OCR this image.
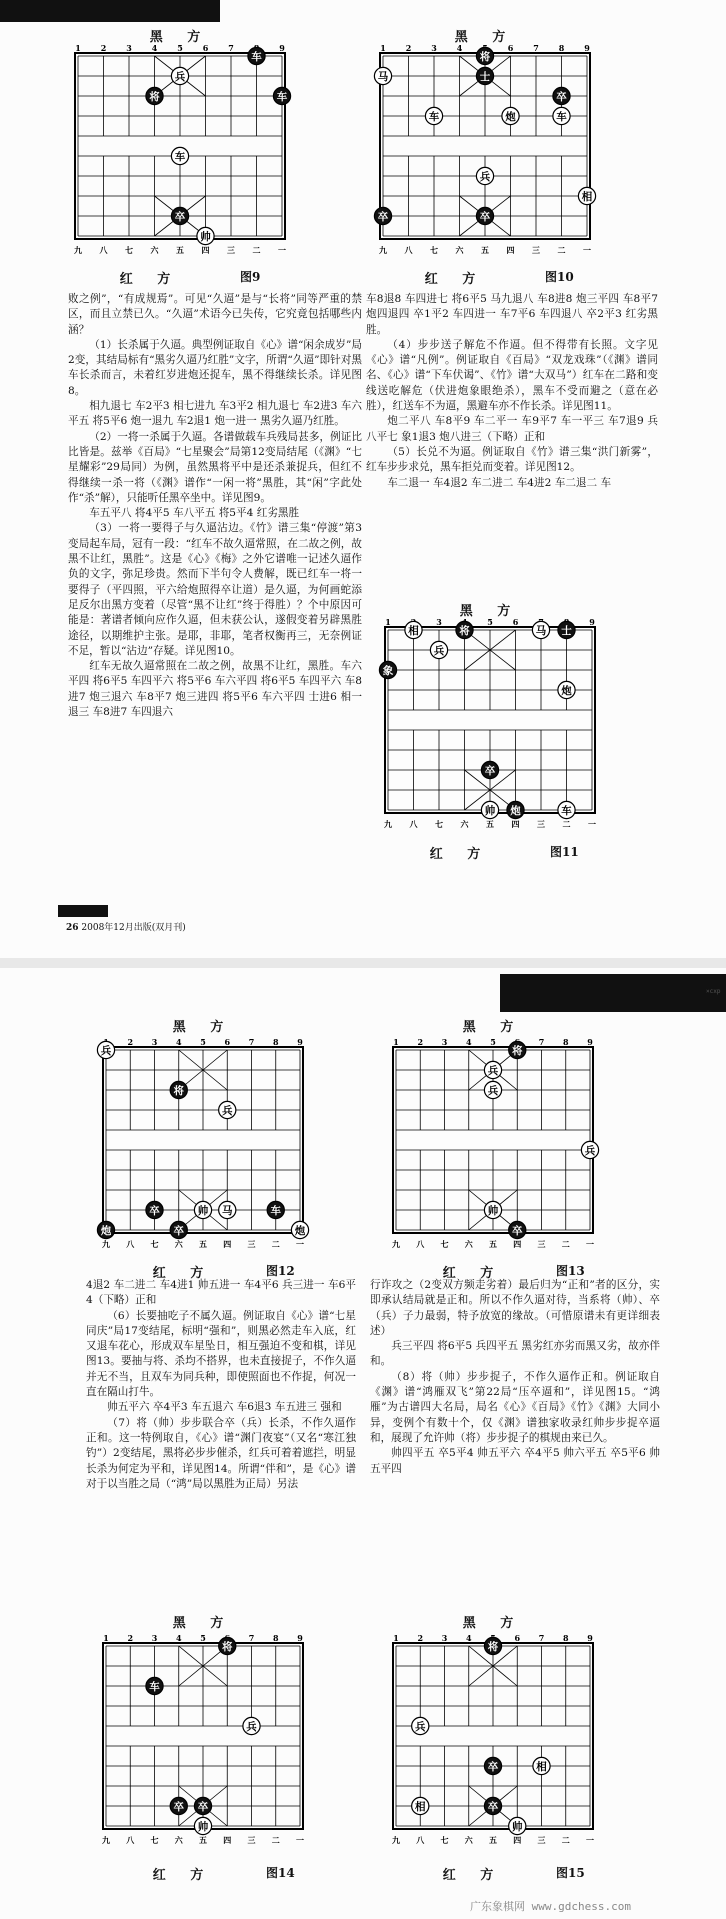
黑 方
1 2 3 4 5 6 7	9
九 八 七 六 五 四 三 二 一
车
兵
将	车
车
卒
帅
红 方	图9
黑 方
1 2 3 4	6 7 8 9
九 八 七 六 五 四 三 二 一
将
马	士
卒
车	炮	车
兵
相
卒	卒
红 方	图10

败之例”，“有成规焉”。可见“久逼”是与“长将”同等严重的禁区，而且立禁已久。“久逼”术语今已失传，它究竟包括哪些内涵？

（1）长杀属于久逼。典型例证取自《心》谱“闲余成岁”局2变，其结局标有“黑劣久逼乃红胜”文字，所谓“久逼”即针对黑车长杀而言，未着红岁进炮还捉车，黑不得继续长杀。详见图8。

相九退七 车2平3 相七进九 车3平2 相九退七 车2进3 车六平五 将5平6 炮一退九 车2退1 炮一进一 黑劣久逼乃红胜。

（2）一将一杀属于久逼。各谱做载车兵残局甚多，例证比比皆是。兹举《百局》“七星聚会”局第12变局结尾（《渊》“七星耀彩”29局同）为例，虽然黑将平中是还杀兼捉兵，但红不得继续一杀一将（《渊》谱作“一闲一将”黑胜，其“闲”字此处作“杀”解），只能听任黑卒坐中。详见图9。

车五平八 将4平5 车八平五 将5平4 红劣黑胜

（3）一将一要得子与久逼沾边。《竹》谱三集“停渡”第3变局起车局，冠有一段：“红车不故久逼常照，在二故之例，故黑不让红，黑胜”。这是《心》《梅》之外它谱唯一记述久逼作负的文字，弥足珍贵。然而下半句令人费解，既已红车一将一要得子（平四照，平六给炮照得卒让道）是久逼，为何画蛇添足反尔出黑方变着（尽管“黑不让红”终于得胜）？个中原因可能是：著谱者倾向应作久逼，但未获公认，遂假变着另辟黑胜途径，以期维护主张。是耶，非耶，笔者权衡再三，无奈例证不足，暂以“沾边”存疑。详见图10。

红车无故久逼常照在二故之例，故黑不让红，黑胜。车六平四 将6平5 车四平六 将5平6 车六平四 将6平5 车四平六 车8进7 炮三退六 车8平7 炮三进四 将5平6 车六平四 士进6 相一退三 车8进7 车四退六

车8退8 车四进七 将6平5 马九退八 车8进8 炮三平四 车8平7 炮四退四 卒1平2 车四进一 车7平6 车四退八 卒2平3 红劣黑胜。

（4）步步送子解危不作逼。但不得带有长照。文字见《心》谱“凡例”。例证取自《百局》“双龙戏珠”（《渊》谱同名、《心》谱“下车伏谒”、《竹》谱“大双马”）红车在二路和变线送吃解危（伏进炮象眼绝杀），黑车不受而避之（意在必胜），红送车不为逼，黑避车亦不作长杀。详见图11。

炮二平八 车8平9 车二平一 车9平7 车一平三 车7退9 兵八平七 象1退3 炮八进三（下略）正和

（5）长兑不为逼。例证取自《竹》谱三集“洪门新雾”，红车步步求兑，黑车拒兑而变着。详见图12。

车二退一 车4退2 车二进二 车4进2 车二退二 车

黑 方
1	3	5 6	9
九 八 七 六 五 四 三 二 一
相	将	马 士
兵
象
炮
卒
帅 炮	车
红 方	图11
26 2008年12月出版(双月刊)
×cxp
黑 方
2 3 4 5 6 7 8 9
九 八 七 六 五 四 三 二 一
兵
将
兵
卒	帅 马	车
炮	卒	炮
红 方	图12
黑 方
1 2 3 4 5	7 8 9
九 八 七 六 五 四 三 二 一
将
兵
兵
兵
帅
卒
红 方	图13

4退2 车二进二 车4进1 帅五进一 车4平6 兵三进一 车6平4（下略）正和

（6）长要抽吃子不属久逼。例证取自《心》谱“七星同庆”局17变结尾，标明“强和”，则黑必然走车入底，红又退车花心，形成双车星坠日，相互强迫不变和棋，详见图13。要抽与将、杀均不搭界，也未直接捉子，不作久逼并无不当，且双车为同兵种，即使照面也不作捉，何况一直在隔山打牛。

帅五平六 卒4平3 车五退六 车6退3 车五进三 强和

（7）将（帅）步步联合卒（兵）长杀，不作久逼作正和。这一特例取自，《心》谱“渊门夜宴”（又名“寒江独钓”）2变结尾，黑将必步步催杀，红兵可着着遮拦，明显长杀为何定为平和，详见图14。所谓“伴和”，是《心》谱对于以当胜之局（“鸿”局以黑胜为正局）另法

行诈攻之（2变双方频走劣着）最后归为“正和”者的区分，实即承认结局就是正和。所以不作久逼对待，当系将（帅）、卒（兵）子力最弱，特予放宽的缘故。（可惜原谱未有更详细表述）

兵三平四 将6平5 兵四平五 黑劣红亦劣而黑又劣，故亦伴和。

（8）将（帅）步步捉子，不作久逼作正和。例证取自《渊》谱“鸿雁双飞”第22局“压卒逼和”，详见图15。“鸿雁”为古谱四大名局，局名《心》《百局》《竹》《渊》大同小异，变例个有数十个，仅《渊》谱独家收录红帅步步捉卒逼和，展现了允许帅（将）步步捉子的棋规由来已久。

帅四平五 卒5平4 帅五平六 卒4平5 帅六平五 卒5平6 帅五平四

黑 方
1 2 3 4 5	7 8 9
九 八 七 六 五 四 三 二 一
将
车
兵
卒 卒
帅
红 方	图14
黑 方
1 2 3 4	6 7 8 9
九 八 七 六 五 四 三 二 一
将
兵
卒	相
相	卒
帅
红 方	图15
广东象棋网 www.gdchess.com
